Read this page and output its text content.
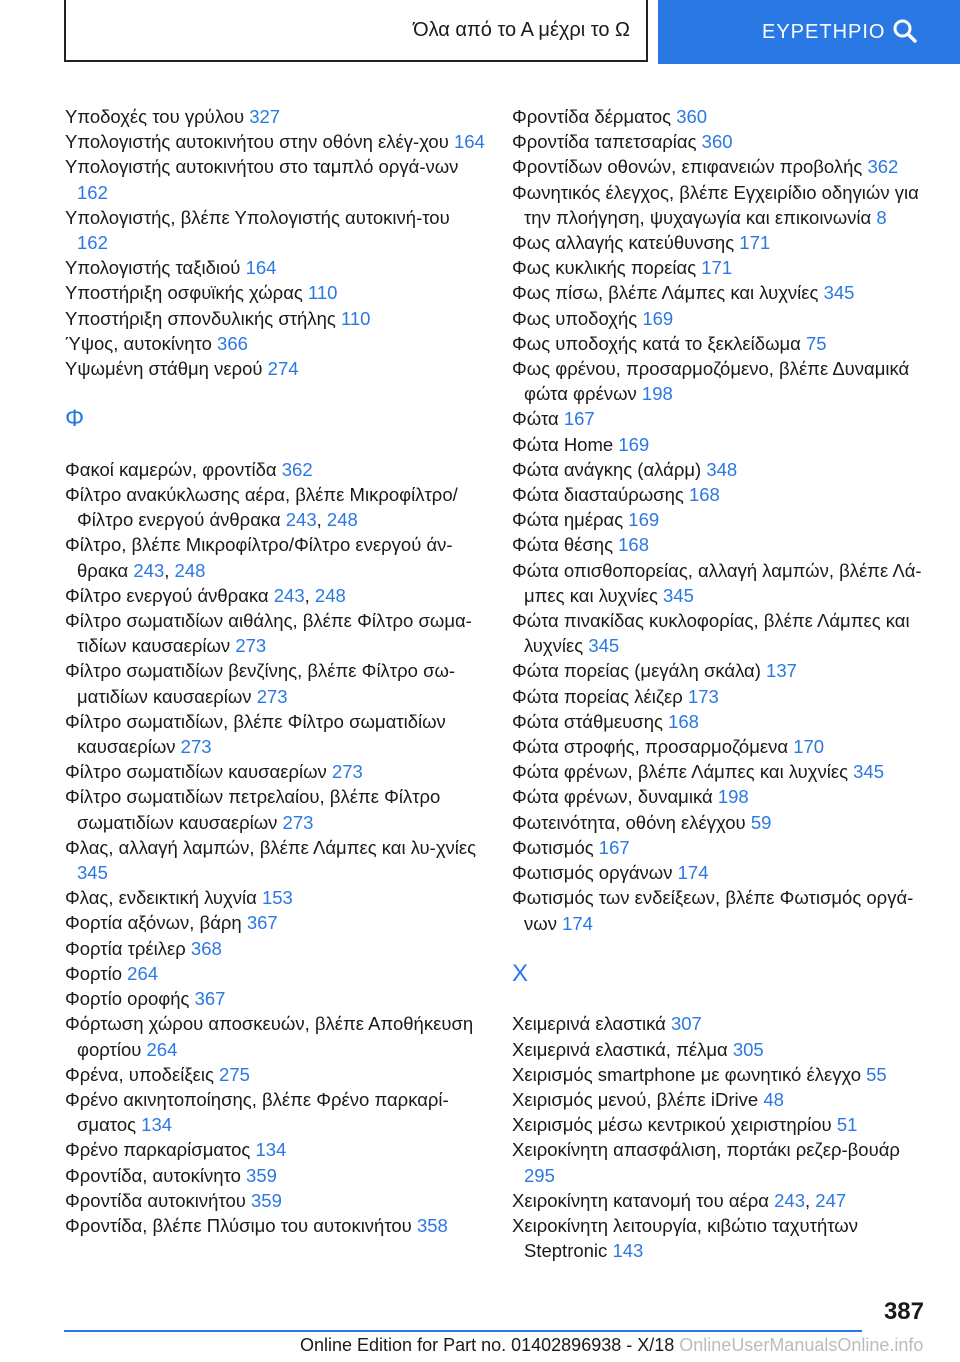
Όλα από το Α μέχρι το Ω	ΕΥΡΕΤΗΡΙΟ
Υποδοχές του γρύλου 327
Υπολογιστής αυτοκινήτου στην οθόνη ελέγ-χου 164
Υπολογιστής αυτοκινήτου στο ταμπλό οργά-νων 162
Υπολογιστής, βλέπε Υπολογιστής αυτοκινή-του 162
Υπολογιστής ταξιδιού 164
Υποστήριξη οσφυϊκής χώρας 110
Υποστήριξη σπονδυλικής στήλης 110
Ύψος, αυτοκίνητο 366
Υψωμένη στάθμη νερού 274
Φ
Φακοί καμερών, φροντίδα 362
Φίλτρο ανακύκλωσης αέρα, βλέπε Μικροφίλτρο/Φίλτρο ενεργού άνθρακα 243, 248
Φίλτρο, βλέπε Μικροφίλτρο/Φίλτρο ενεργού άν-θρακα 243, 248
Φίλτρο ενεργού άνθρακα 243, 248
Φίλτρο σωματιδίων αιθάλης, βλέπε Φίλτρο σωμα-τιδίων καυσαερίων 273
Φίλτρο σωματιδίων βενζίνης, βλέπε Φίλτρο σω-ματιδίων καυσαερίων 273
Φίλτρο σωματιδίων, βλέπε Φίλτρο σωματιδίων καυσαερίων 273
Φίλτρο σωματιδίων καυσαερίων 273
Φίλτρο σωματιδίων πετρελαίου, βλέπε Φίλτρο σωματιδίων καυσαερίων 273
Φλας, αλλαγή λαμπών, βλέπε Λάμπες και λυ-χνίες 345
Φλας, ενδεικτική λυχνία 153
Φορτία αξόνων, βάρη 367
Φορτία τρέιλερ 368
Φορτίο 264
Φορτίο οροφής 367
Φόρτωση χώρου αποσκευών, βλέπε Αποθήκευση φορτίου 264
Φρένα, υποδείξεις 275
Φρένο ακινητοποίησης, βλέπε Φρένο παρκαρί-σματος 134
Φρένο παρκαρίσματος 134
Φροντίδα, αυτοκίνητο 359
Φροντίδα αυτοκινήτου 359
Φροντίδα, βλέπε Πλύσιμο του αυτοκινήτου 358
Φροντίδα δέρματος 360
Φροντίδα ταπετσαρίας 360
Φροντίδων οθονών, επιφανειών προβολής 362
Φωνητικός έλεγχος, βλέπε Εγχειρίδιο οδηγιών για την πλοήγηση, ψυχαγωγία και επικοινωνία 8
Φως αλλαγής κατεύθυνσης 171
Φως κυκλικής πορείας 171
Φως πίσω, βλέπε Λάμπες και λυχνίες 345
Φως υποδοχής 169
Φως υποδοχής κατά το ξεκλείδωμα 75
Φως φρένου, προσαρμοζόμενο, βλέπε Δυναμικά φώτα φρένων 198
Φώτα 167
Φώτα Home 169
Φώτα ανάγκης (αλάρμ) 348
Φώτα διασταύρωσης 168
Φώτα ημέρας 169
Φώτα θέσης 168
Φώτα οπισθοπορείας, αλλαγή λαμπών, βλέπε Λά-μπες και λυχνίες 345
Φώτα πινακίδας κυκλοφορίας, βλέπε Λάμπες και λυχνίες 345
Φώτα πορείας (μεγάλη σκάλα) 137
Φώτα πορείας λέιζερ 173
Φώτα στάθμευσης 168
Φώτα στροφής, προσαρμοζόμενα 170
Φώτα φρένων, βλέπε Λάμπες και λυχνίες 345
Φώτα φρένων, δυναμικά 198
Φωτεινότητα, οθόνη ελέγχου 59
Φωτισμός 167
Φωτισμός οργάνων 174
Φωτισμός των ενδείξεων, βλέπε Φωτισμός οργά-νων 174
Χ
Χειμερινά ελαστικά 307
Χειμερινά ελαστικά, πέλμα 305
Χειρισμός smartphone με φωνητικό έλεγχο 55
Χειρισμός μενού, βλέπε iDrive 48
Χειρισμός μέσω κεντρικού χειριστηρίου 51
Χειροκίνητη απασφάλιση, πορτάκι ρεζερ-βουάρ 295
Χειροκίνητη κατανομή του αέρα 243, 247
Χειροκίνητη λειτουργία, κιβώτιο ταχυτήτων Steptronic 143
387
Online Edition for Part no. 01402896938 - X/18 OnlineUserManualsOnline.info
